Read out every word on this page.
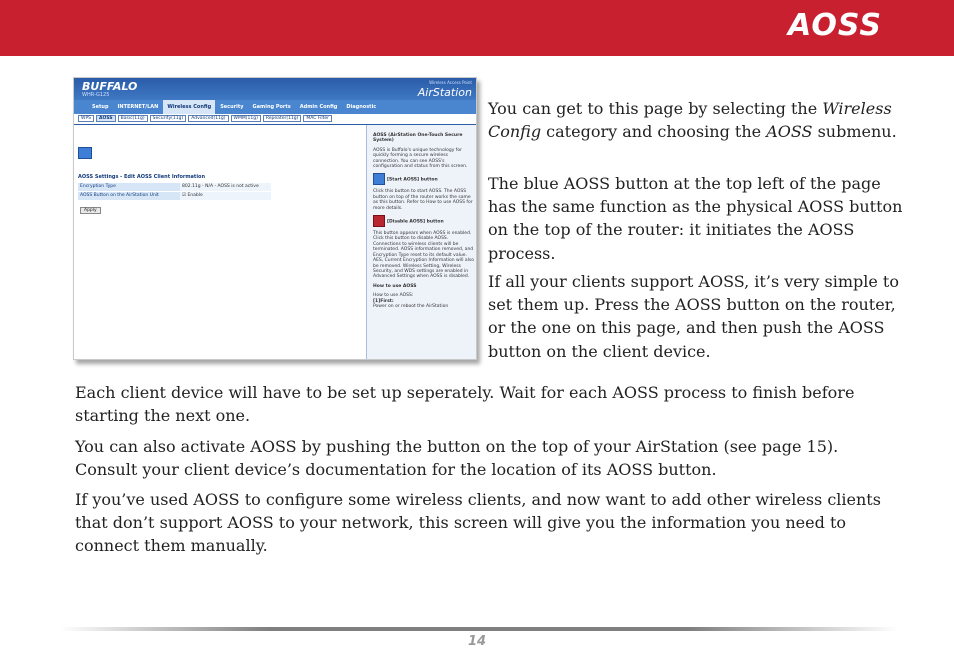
AOSS
BUFFALO
WHR-G125
Wireless Access Point
AirStation
Setup	INTERNET/LAN	Wireless Config	Security	Gaming Ports	Admin Config	Diagnostic
WPS	AOSS	Basic(11g)	Security(11g)	Advanced(11g)	WMM(11g)	Repeater(11g)	MAC Filter
AOSS Settings - Edit AOSS Client Information
Encryption Type	802.11g - N/A - AOSS is not active
AOSS Button on the AirStation Unit	☑ Enable
Apply

AOSS (AirStation One-Touch Secure System)

AOSS is Buffalo's unique technology for quickly forming a secure wireless connection. You can see AOSS's configuration and status from this screen.

[Start AOSS] button

Click this button to start AOSS. The AOSS button on top of the router works the same as this button. Refer to How to use AOSS for more details.

[Disable AOSS] button

This button appears when AOSS is enabled. Click this button to disable AOSS. Connections to wireless clients will be terminated. AOSS information removed, and Encryption Type reset to its default value. AES, Current Encryption Information will also be removed. Wireless Setting, Wireless Security, and WDS settings are enabled in Advanced Settings when AOSS is disabled.

How to use AOSS

How to use AOSS:

[1]First:

Power on or reboot the AirStation

You can get to this page by selecting the Wireless Config category and choosing the AOSS submenu.
The blue AOSS button at the top left of the page has the same function as the physical AOSS button on the top of the router: it initiates the AOSS process.
If all your clients support AOSS, it’s very simple to set them up. Press the AOSS button on the router, or the one on this page, and then push the AOSS button on the client device.
Each client device will have to be set up seperately. Wait for each AOSS process to finish before starting the next one.
You can also activate AOSS by pushing the button on the top of your AirStation (see page 15). Consult your client device’s documentation for the location of its AOSS button.
If you’ve used AOSS to configure some wireless clients, and now want to add other wireless clients that don’t support AOSS to your network, this screen will give you the information you need to connect them manually.
14
